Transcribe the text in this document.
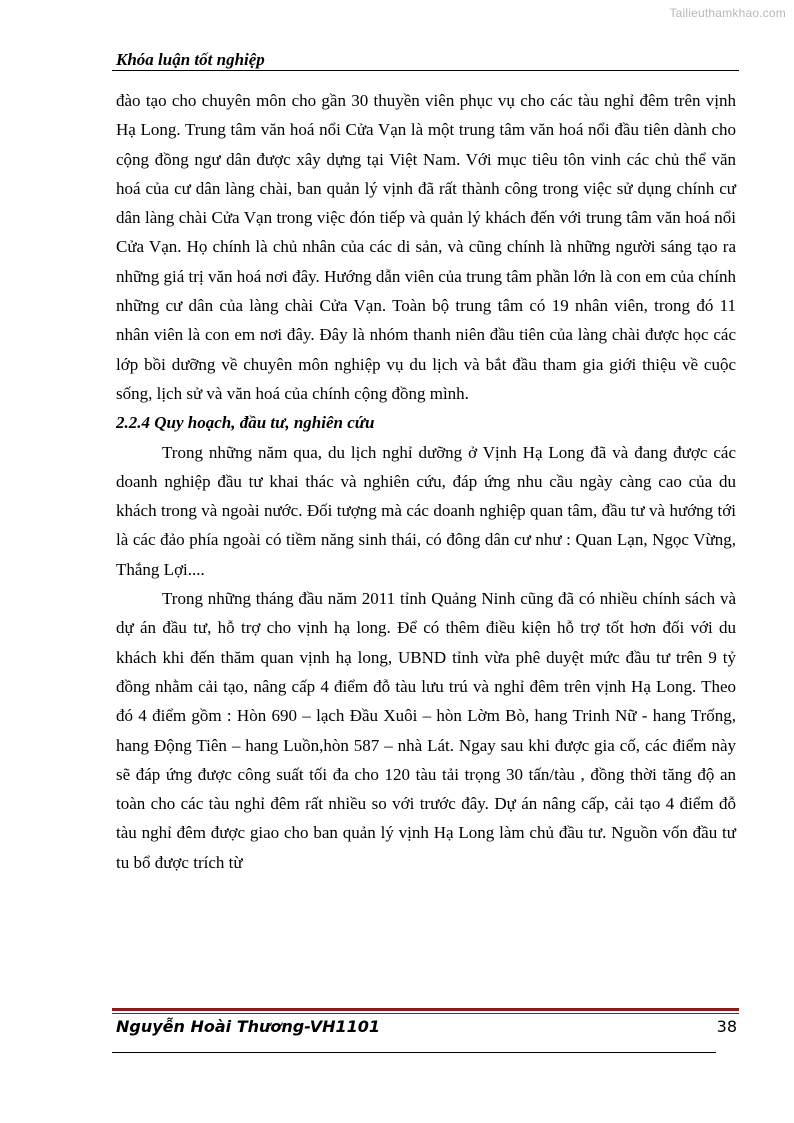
Tailieuthamkhao.com
Khóa luận tốt nghiệp

đào tạo cho chuyên môn cho gần 30 thuyền viên phục vụ cho các tàu nghỉ đêm trên vịnh Hạ Long. Trung tâm văn hoá nổi Cửa Vạn là một trung tâm văn hoá nổi đầu tiên dành cho cộng đồng ngư dân được xây dựng tại Việt Nam. Với mục tiêu tôn vinh các chủ thể văn hoá của cư dân làng chài, ban quản lý vịnh đã rất thành công trong việc sử dụng chính cư dân làng chài Cửa Vạn trong việc đón tiếp và quản lý khách đến với trung tâm văn hoá nổi Cửa Vạn. Họ chính là chủ nhân của các di sản, và cũng chính là những người sáng tạo ra những giá trị văn hoá nơi đây. Hướng dẫn viên của trung tâm phần lớn là con em của chính những cư dân của làng chài Cửa Vạn. Toàn bộ trung tâm có 19 nhân viên, trong đó 11 nhân viên là con em nơi đây. Đây là nhóm thanh niên đầu tiên của làng chài được học các lớp bồi dưỡng về chuyên môn nghiệp vụ du lịch và bắt đầu tham gia giới thiệu về cuộc sống, lịch sử và văn hoá của chính cộng đồng mình.

2.2.4 Quy hoạch, đầu tư, nghiên cứu

Trong những năm qua, du lịch nghỉ dưỡng ở Vịnh Hạ Long đã và đang được các doanh nghiệp đầu tư khai thác và nghiên cứu, đáp ứng nhu cầu ngày càng cao của du khách trong và ngoài nước. Đối tượng mà các doanh nghiệp quan tâm, đầu tư và hướng tới là các đảo phía ngoài có tiềm năng sinh thái, có đông dân cư như : Quan Lạn, Ngọc Vừng, Thắng Lợi....

Trong những tháng đầu năm 2011 tỉnh Quảng Ninh cũng đã có nhiều chính sách và dự án đầu tư, hỗ trợ cho vịnh hạ long. Để có thêm điều kiện hỗ trợ tốt hơn đối với du khách khi đến thăm quan vịnh hạ long, UBND tỉnh vừa phê duyệt mức đầu tư trên 9 tỷ đồng nhằm cải tạo, nâng cấp 4 điểm đỗ tàu lưu trú và nghỉ đêm trên vịnh Hạ Long. Theo đó 4 điểm gồm : Hòn 690 – lạch Đầu Xuôi – hòn Lờm Bò, hang Trinh Nữ - hang Trống, hang Động Tiên – hang Luồn,hòn 587 – nhà Lát. Ngay sau khi được gia cố, các điểm này sẽ đáp ứng được công suất tối đa cho 120 tàu tải trọng 30 tấn/tàu , đồng thời tăng độ an toàn cho các tàu nghỉ đêm rất nhiều so với trước đây. Dự án nâng cấp, cải tạo 4 điểm đỗ tàu nghỉ đêm được giao cho ban quản lý vịnh Hạ Long làm chủ đầu tư. Nguồn vốn đầu tư tu bổ được trích từ

Nguyễn Hoài Thương-VH1101	38
